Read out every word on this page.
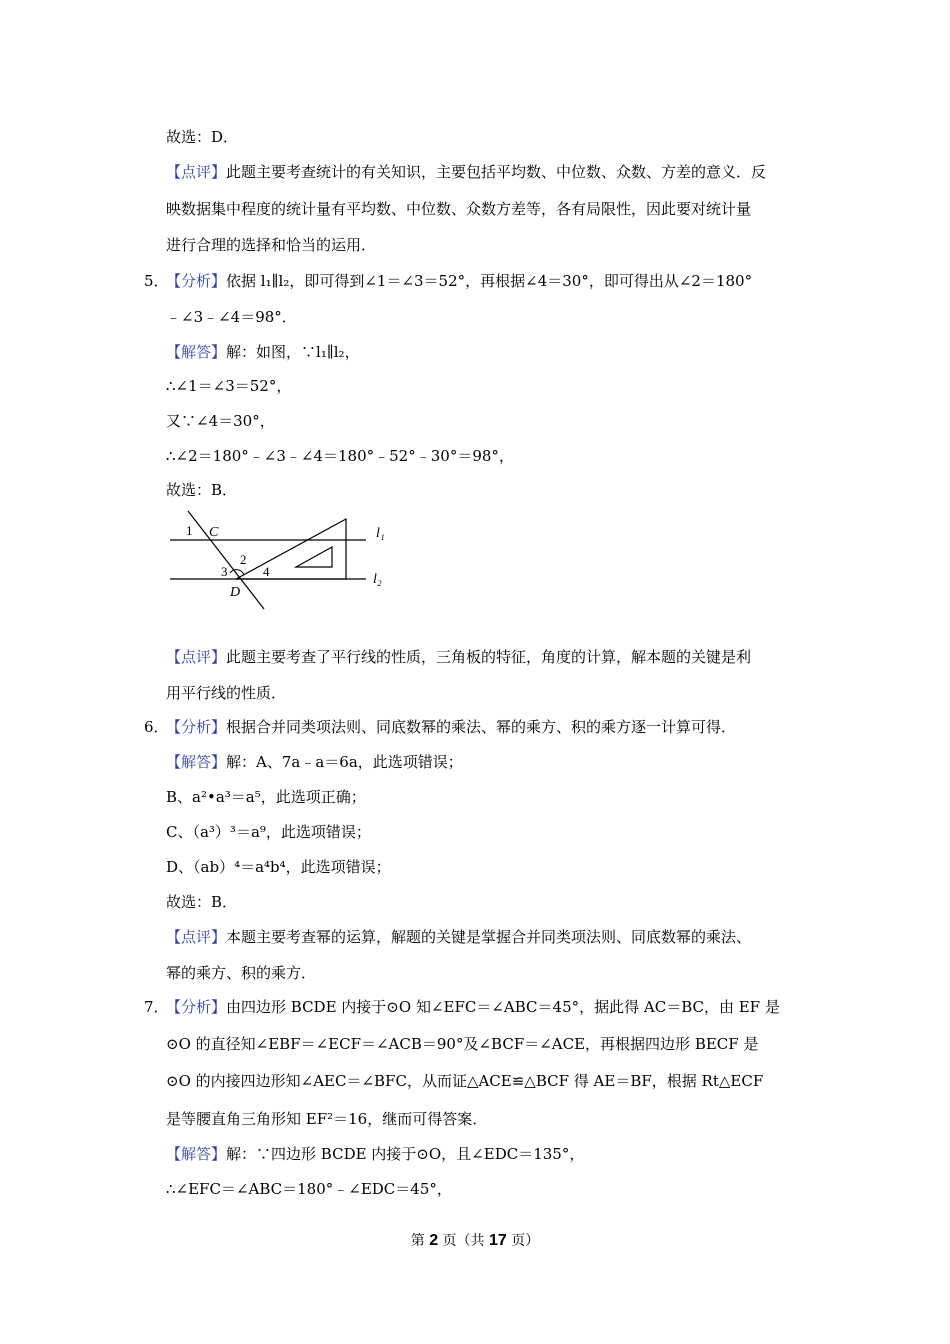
故选：D．
【点评】此题主要考查统计的有关知识，主要包括平均数、中位数、众数、方差的意义．反
映数据集中程度的统计量有平均数、中位数、众数方差等，各有局限性，因此要对统计量
进行合理的选择和恰当的运用．
5．
【分析】依据 l₁∥l₂，即可得到∠1＝∠3＝52°，再根据∠4＝30°，即可得出从∠2＝180°
﹣∠3﹣∠4＝98°．
【解答】解：如图，∵l₁∥l₂，
∴∠1＝∠3＝52°，
又∵∠4＝30°，
∴∠2＝180°﹣∠3﹣∠4＝180°﹣52°﹣30°＝98°，
故选：B．
1 C
2
3	4
D
l₁
l₂
【点评】此题主要考查了平行线的性质，三角板的特征，角度的计算，解本题的关键是利
用平行线的性质．
6．
【分析】根据合并同类项法则、同底数幂的乘法、幂的乘方、积的乘方逐一计算可得．
【解答】解：A、7a﹣a＝6a，此选项错误；
B、a²•a³＝a⁵，此选项正确；
C、（a³）³＝a⁹，此选项错误；
D、（ab）⁴＝a⁴b⁴，此选项错误；
故选：B．
【点评】本题主要考查幂的运算，解题的关键是掌握合并同类项法则、同底数幂的乘法、
幂的乘方、积的乘方．
7．
【分析】由四边形 BCDE 内接于⊙O 知∠EFC＝∠ABC＝45°，据此得 AC＝BC，由 EF 是
⊙O 的直径知∠EBF＝∠ECF＝∠ACB＝90°及∠BCF＝∠ACE，再根据四边形 BECF 是
⊙O 的内接四边形知∠AEC＝∠BFC，从而证△ACE≌△BCF 得 AE＝BF，根据 Rt△ECF
是等腰直角三角形知 EF²＝16，继而可得答案．
【解答】解：∵四边形 BCDE 内接于⊙O，且∠EDC＝135°，
∴∠EFC＝∠ABC＝180°﹣∠EDC＝45°，
第 2 页（共 17 页）
